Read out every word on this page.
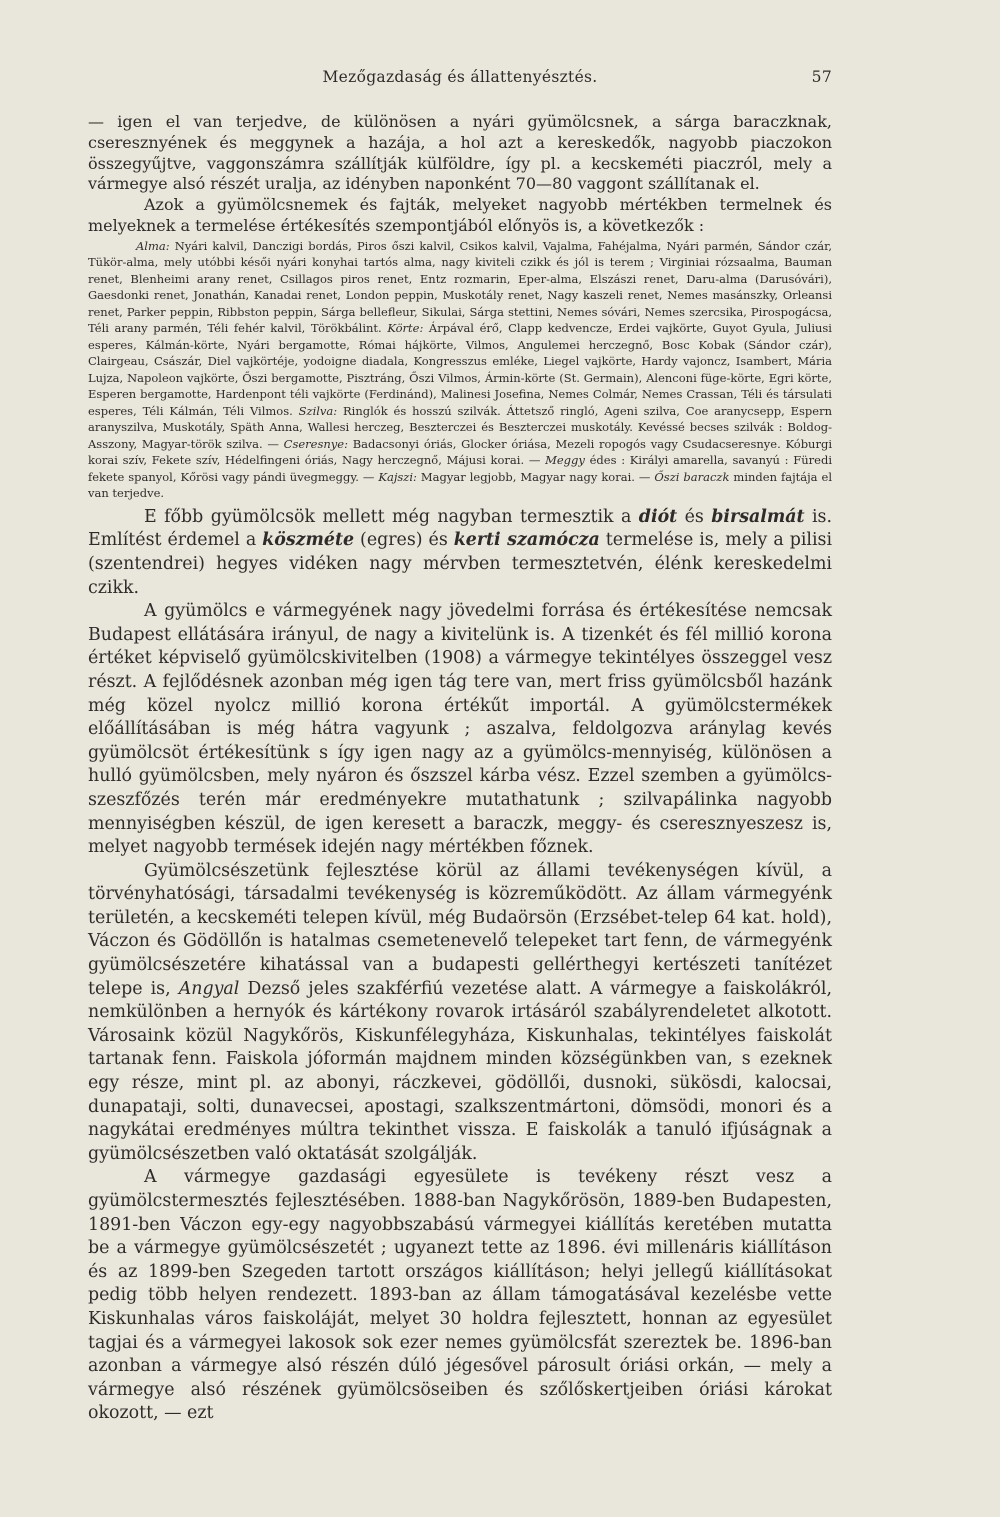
Mezőgazdaság és állattenyésztés.	57

— igen el van terjedve, de különösen a nyári gyümölcsnek, a sárga baraczknak, cseresznyének és meggynek a hazája, a hol azt a kereskedők, nagyobb piaczokon összegyűjtve, vaggonszámra szállítják külföldre, így pl. a kecskeméti piaczról, mely a vármegye alsó részét uralja, az idényben naponként 70—80 vaggont szállítanak el.

Azok a gyümölcsnemek és fajták, melyeket nagyobb mértékben termelnek és melyeknek a termelése értékesítés szempontjából előnyös is, a következők :

Alma: Nyári kalvil, Danczigi bordás, Piros őszi kalvil, Csikos kalvil, Vajalma, Fahéjalma, Nyári parmén, Sándor czár, Tükör-alma, mely utóbbi késői nyári konyhai tartós alma, nagy kiviteli czikk és jól is terem ; Virginiai rózsaalma, Bauman renet, Blenheimi arany renet, Csillagos piros renet, Entz rozmarin, Eper-alma, Elszászi renet, Daru-alma (Darusóvári), Gaesdonki renet, Jonathán, Kanadai renet, London peppin, Muskotály renet, Nagy kaszeli renet, Nemes masánszky, Orleansi renet, Parker peppin, Ribbston peppin, Sárga bellefleur, Sikulai, Sárga stettini, Nemes sóvári, Nemes szercsika, Pirospogácsa, Téli arany parmén, Téli fehér kalvil, Törökbálint. Körte: Árpával érő, Clapp kedvencze, Erdei vajkörte, Guyot Gyula, Juliusi esperes, Kálmán-körte, Nyári bergamotte, Római hájkörte, Vilmos, Angulemei herczegnő, Bosc Kobak (Sándor czár), Clairgeau, Császár, Diel vajkörtéje, yodoigne diadala, Kongresszus emléke, Liegel vajkörte, Hardy vajoncz, Isambert, Mária Lujza, Napoleon vajkörte, Őszi bergamotte, Pisztráng, Őszi Vilmos, Ármin-körte (St. Germain), Alenconi füge-körte, Egri körte, Esperen bergamotte, Hardenpont téli vajkörte (Ferdinánd), Malinesi Josefina, Nemes Colmár, Nemes Crassan, Téli és társulati esperes, Téli Kálmán, Téli Vilmos. Szilva: Ringlók és hosszú szilvák. Áttetsző ringló, Ageni szilva, Coe aranycsepp, Espern aranyszilva, Muskotály, Späth Anna, Wallesi herczeg, Beszterczei és Beszterczei muskotály. Kevéssé becses szilvák : Boldog-Asszony, Magyar-török szilva. — Cseresnye: Badacsonyi óriás, Glocker óriása, Mezeli ropogós vagy Csudacseresnye. Kóburgi korai szív, Fekete szív, Hédelfingeni óriás, Nagy herczegnő, Májusi korai. — Meggy édes : Királyi amarella, savanyú : Füredi fekete spanyol, Kőrösi vagy pándi üvegmeggy. — Kajszi: Magyar legjobb, Magyar nagy korai. — Őszi baraczk minden fajtája el van terjedve.

E főbb gyümölcsök mellett még nagyban termesztik a diót és birsalmát is. Említést érdemel a köszméte (egres) és kerti szamócza termelése is, mely a pilisi (szentendrei) hegyes vidéken nagy mérvben termesztetvén, élénk kereskedelmi czikk.

A gyümölcs e vármegyének nagy jövedelmi forrása és értékesítése nemcsak Budapest ellátására irányul, de nagy a kivitelünk is. A tizenkét és fél millió korona értéket képviselő gyümölcskivitelben (1908) a vármegye tekintélyes összeggel vesz részt. A fejlődésnek azonban még igen tág tere van, mert friss gyümölcsből hazánk még közel nyolcz millió korona értékűt importál. A gyümölcstermékek előállításában is még hátra vagyunk ; aszalva, feldolgozva aránylag kevés gyümölcsöt értékesítünk s így igen nagy az a gyümölcs-mennyiség, különösen a hulló gyümölcsben, mely nyáron és őszszel kárba vész. Ezzel szemben a gyümölcs-szeszfőzés terén már eredményekre mutathatunk ; szilvapálinka nagyobb mennyiségben készül, de igen keresett a baraczk, meggy- és cseresznyeszesz is, melyet nagyobb termések idején nagy mértékben főznek.

Gyümölcsészetünk fejlesztése körül az állami tevékenységen kívül, a törvényhatósági, társadalmi tevékenység is közreműködött. Az állam vármegyénk területén, a kecskeméti telepen kívül, még Budaörsön (Erzsébet-telep 64 kat. hold), Váczon és Gödöllőn is hatalmas csemetenevelő telepeket tart fenn, de vármegyénk gyümölcsészetére kihatással van a budapesti gellérthegyi kertészeti tanítézet telepe is, Angyal Dezső jeles szakférfiú vezetése alatt. A vármegye a faiskolákról, nemkülönben a hernyók és kártékony rovarok irtásáról szabályrendeletet alkotott. Városaink közül Nagykőrös, Kiskunfélegyháza, Kiskunhalas, tekintélyes faiskolát tartanak fenn. Faiskola jóformán majdnem minden községünkben van, s ezeknek egy része, mint pl. az abonyi, ráczkevei, gödöllői, dusnoki, sükösdi, kalocsai, dunapataji, solti, dunavecsei, apostagi, szalkszentmártoni, dömsödi, monori és a nagykátai eredményes múltra tekinthet vissza. E faiskolák a tanuló ifjúságnak a gyümölcsészetben való oktatását szolgálják.

A vármegye gazdasági egyesülete is tevékeny részt vesz a gyümölcstermesztés fejlesztésében. 1888-ban Nagykőrösön, 1889-ben Budapesten, 1891-ben Váczon egy-egy nagyobbszabású vármegyei kiállítás keretében mutatta be a vármegye gyümölcsészetét ; ugyanezt tette az 1896. évi millenáris kiállításon és az 1899-ben Szegeden tartott országos kiállításon; helyi jellegű kiállításokat pedig több helyen rendezett. 1893-ban az állam támogatásával kezelésbe vette Kiskunhalas város faiskoláját, melyet 30 holdra fejlesztett, honnan az egyesület tagjai és a vármegyei lakosok sok ezer nemes gyümölcsfát szereztek be. 1896-ban azonban a vármegye alsó részén dúló jégesővel párosult óriási orkán, — mely a vármegye alsó részének gyümölcsöseiben és szőlőskertjeiben óriási károkat okozott, — ezt
